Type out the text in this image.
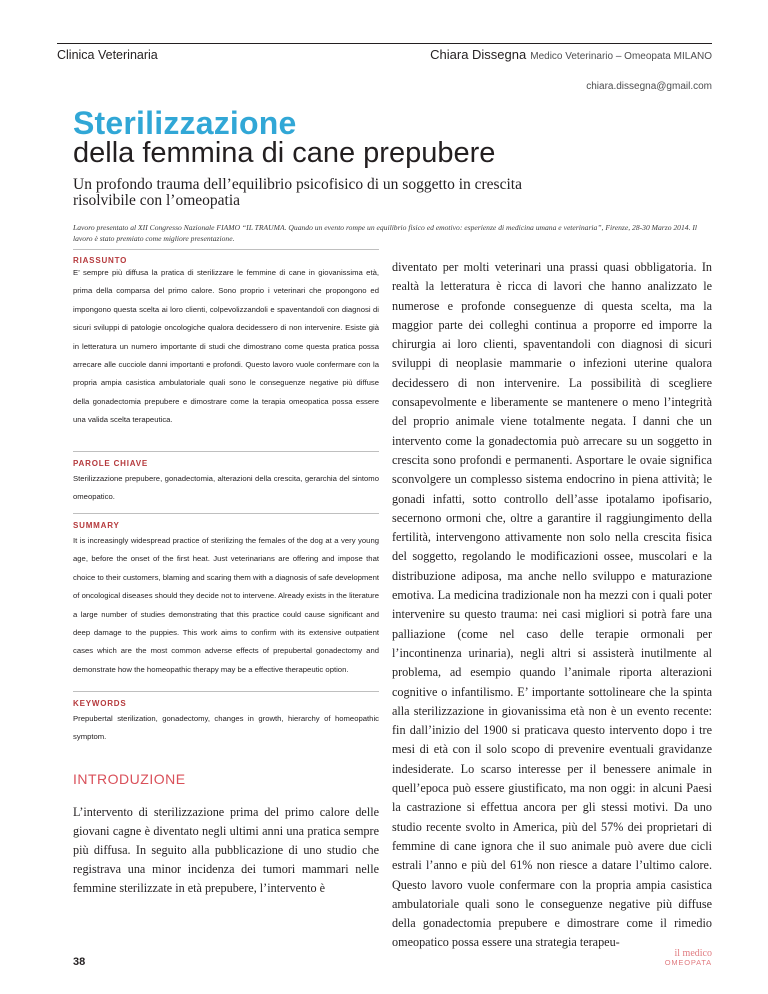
Clinica Veterinaria	Chiara Dissegna Medico Veterinario – Omeopata MILANO
chiara.dissegna@gmail.com
Sterilizzazione
della femmina di cane prepubere
Un profondo trauma dell’equilibrio psicofisico di un soggetto in crescita risolvibile con l’omeopatia
Lavoro presentato al XII Congresso Nazionale FIAMO “IL TRAUMA. Quando un evento rompe un equilibrio fisico ed emotivo: esperienze di medicina umana e veterinaria”, Firenze, 28-30 Marzo 2014. Il lavoro è stato premiato come migliore presentazione.
RIASSUNTO
E’ sempre più diffusa la pratica di sterilizzare le femmine di cane in giovanissima età, prima della comparsa del primo calore. Sono proprio i veterinari che propongono ed impongono questa scelta ai loro clienti, colpevolizzandoli e spaventandoli con diagnosi di sicuri sviluppi di patologie oncologiche qualora decidessero di non intervenire. Esiste già in letteratura un numero importante di studi che dimostrano come questa pratica possa arrecare alle cucciole danni importanti e profondi. Questo lavoro vuole confermare con la propria ampia casistica ambulatoriale quali sono le conseguenze negative più diffuse della gonadectomia prepubere e dimostrare come la terapia omeopatica possa essere una valida scelta terapeutica.
PAROLE CHIAVE
Sterilizzazione prepubere, gonadectomia, alterazioni della crescita, gerarchia del sintomo omeopatico.
SUMMARY
It is increasingly widespread practice of sterilizing the females of the dog at a very young age, before the onset of the first heat. Just veterinarians are offering and impose that choice to their customers, blaming and scaring them with a diagnosis of safe development of oncological diseases should they decide not to intervene. Already exists in the literature a large number of studies demonstrating that this practice could cause significant and deep damage to the puppies. This work aims to confirm with its extensive outpatient cases which are the most common adverse effects of prepubertal gonadectomy and demonstrate how the homeopathic therapy may be a effective therapeutic option.
KEYWORDS
Prepubertal sterilization, gonadectomy, changes in growth, hierarchy of homeopathic symptom.
INTRODUZIONE
L’intervento di sterilizzazione prima del primo calore delle giovani cagne è diventato negli ultimi anni una pratica sempre più diffusa. In seguito alla pubblicazione di uno studio che registrava una minor incidenza dei tumori mammari nelle femmine sterilizzate in età prepubere, l’intervento è
diventato per molti veterinari una prassi quasi obbligatoria. In realtà la letteratura è ricca di lavori che hanno analizzato le numerose e profonde conseguenze di questa scelta, ma la maggior parte dei colleghi continua a proporre ed imporre la chirurgia ai loro clienti, spaventandoli con diagnosi di sicuri sviluppi di neoplasie mammarie o infezioni uterine qualora decidessero di non intervenire. La possibilità di scegliere consapevolmente e liberamente se mantenere o meno l’integrità del proprio animale viene totalmente negata. I danni che un intervento come la gonadectomia può arrecare su un soggetto in crescita sono profondi e permanenti. Asportare le ovaie significa sconvolgere un complesso sistema endocrino in piena attività; le gonadi infatti, sotto controllo dell’asse ipotalamo ipofisario, secernono ormoni che, oltre a garantire il raggiungimento della fertilità, intervengono attivamente non solo nella crescita fisica del soggetto, regolando le modificazioni ossee, muscolari e la distribuzione adiposa, ma anche nello sviluppo e maturazione emotiva. La medicina tradizionale non ha mezzi con i quali poter intervenire su questo trauma: nei casi migliori si potrà fare una palliazione (come nel caso delle terapie ormonali per l’incontinenza urinaria), negli altri si assisterà inutilmente al problema, ad esempio quando l’animale riporta alterazioni cognitive o infantilismo. E’ importante sottolineare che la spinta alla sterilizzazione in giovanissima età non è un evento recente: fin dall’inizio del 1900 si praticava questo intervento dopo i tre mesi di età con il solo scopo di prevenire eventuali gravidanze indesiderate. Lo scarso interesse per il benessere animale in quell’epoca può essere giustificato, ma non oggi: in alcuni Paesi la castrazione si effettua ancora per gli stessi motivi. Da uno studio recente svolto in America, più del 57% dei proprietari di femmine di cane ignora che il suo animale può avere due cicli estrali l’anno e più del 61% non riesce a datare l’ultimo calore. Questo lavoro vuole confermare con la propria ampia casistica ambulatoriale quali sono le conseguenze negative più diffuse della gonadectomia prepubere e dimostrare come il rimedio omeopatico possa essere una strategia terapeu-
38
il medico
OMEOPATA
